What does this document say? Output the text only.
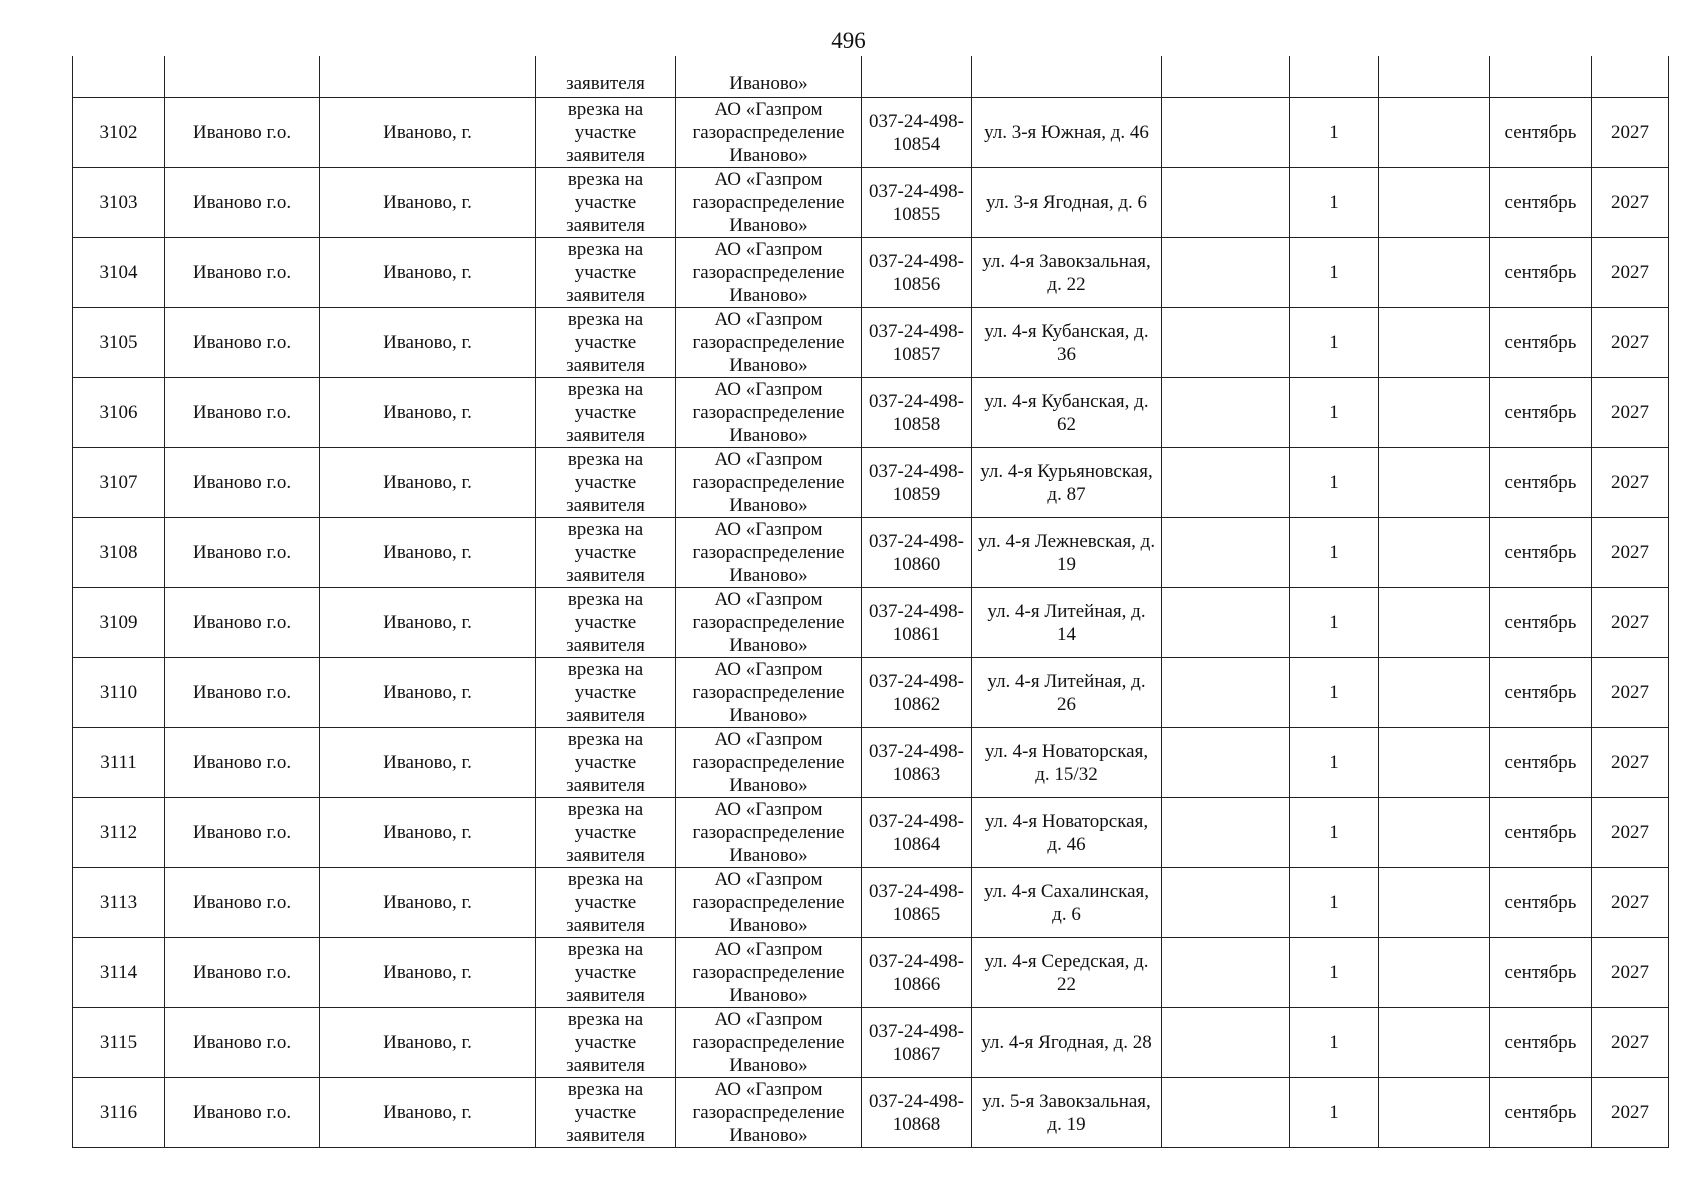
496
			заявителя	Иваново»							
3102	Иваново г.о.	Иваново, г.	врезка на участке заявителя	АО «Газпром газораспределение Иваново»	037-24-498-10854	ул. 3-я Южная, д. 46		1		сентябрь	2027
3103	Иваново г.о.	Иваново, г.	врезка на участке заявителя	АО «Газпром газораспределение Иваново»	037-24-498-10855	ул. 3-я Ягодная, д. 6		1		сентябрь	2027
3104	Иваново г.о.	Иваново, г.	врезка на участке заявителя	АО «Газпром газораспределение Иваново»	037-24-498-10856	ул. 4-я Завокзальная, д. 22		1		сентябрь	2027
3105	Иваново г.о.	Иваново, г.	врезка на участке заявителя	АО «Газпром газораспределение Иваново»	037-24-498-10857	ул. 4-я Кубанская, д. 36		1		сентябрь	2027
3106	Иваново г.о.	Иваново, г.	врезка на участке заявителя	АО «Газпром газораспределение Иваново»	037-24-498-10858	ул. 4-я Кубанская, д. 62		1		сентябрь	2027
3107	Иваново г.о.	Иваново, г.	врезка на участке заявителя	АО «Газпром газораспределение Иваново»	037-24-498-10859	ул. 4-я Курьяновская, д. 87		1		сентябрь	2027
3108	Иваново г.о.	Иваново, г.	врезка на участке заявителя	АО «Газпром газораспределение Иваново»	037-24-498-10860	ул. 4-я Лежневская, д. 19		1		сентябрь	2027
3109	Иваново г.о.	Иваново, г.	врезка на участке заявителя	АО «Газпром газораспределение Иваново»	037-24-498-10861	ул. 4-я Литейная, д. 14		1		сентябрь	2027
3110	Иваново г.о.	Иваново, г.	врезка на участке заявителя	АО «Газпром газораспределение Иваново»	037-24-498-10862	ул. 4-я Литейная, д. 26		1		сентябрь	2027
3111	Иваново г.о.	Иваново, г.	врезка на участке заявителя	АО «Газпром газораспределение Иваново»	037-24-498-10863	ул. 4-я Новаторская, д. 15/32		1		сентябрь	2027
3112	Иваново г.о.	Иваново, г.	врезка на участке заявителя	АО «Газпром газораспределение Иваново»	037-24-498-10864	ул. 4-я Новаторская, д. 46		1		сентябрь	2027
3113	Иваново г.о.	Иваново, г.	врезка на участке заявителя	АО «Газпром газораспределение Иваново»	037-24-498-10865	ул. 4-я Сахалинская, д. 6		1		сентябрь	2027
3114	Иваново г.о.	Иваново, г.	врезка на участке заявителя	АО «Газпром газораспределение Иваново»	037-24-498-10866	ул. 4-я Середская, д. 22		1		сентябрь	2027
3115	Иваново г.о.	Иваново, г.	врезка на участке заявителя	АО «Газпром газораспределение Иваново»	037-24-498-10867	ул. 4-я Ягодная, д. 28		1		сентябрь	2027
3116	Иваново г.о.	Иваново, г.	врезка на участке заявителя	АО «Газпром газораспределение Иваново»	037-24-498-10868	ул. 5-я Завокзальная, д. 19		1		сентябрь	2027
